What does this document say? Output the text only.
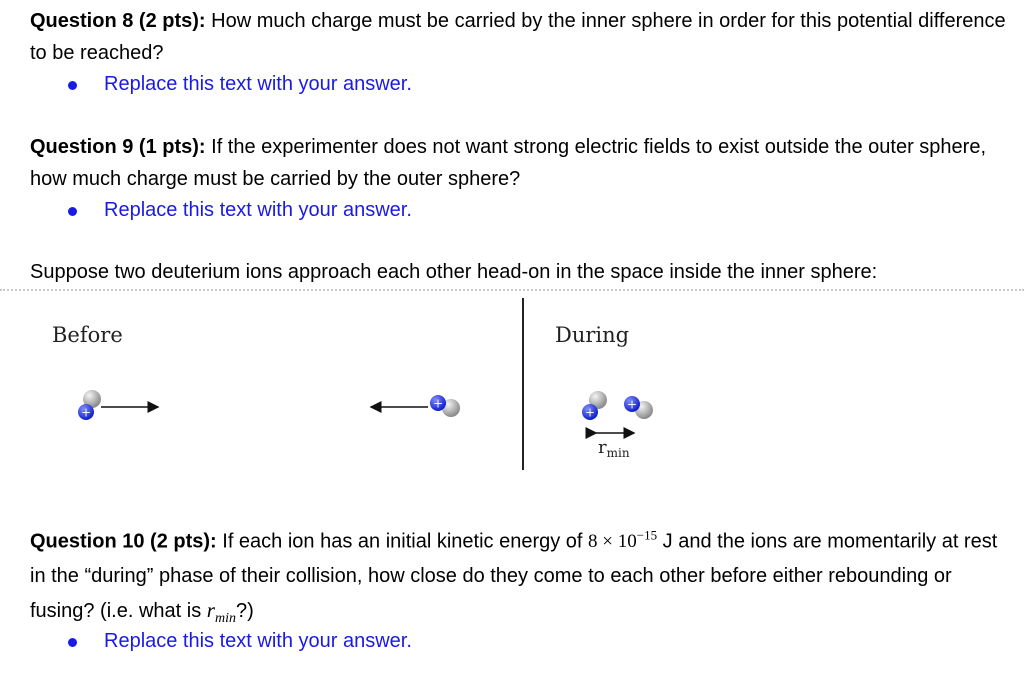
Question 8 (2 pts): How much charge must be carried by the inner sphere in order for this potential difference to be reached?
Replace this text with your answer.
Question 9 (1 pts): If the experimenter does not want strong electric fields to exist outside the outer sphere, how much charge must be carried by the outer sphere?
Replace this text with your answer.
Suppose two deuterium ions approach each other head-on in the space inside the inner sphere:
Before	During
+
+
+
+
$r_{min}$
Question 10 (2 pts): If each ion has an initial kinetic energy of $8 \times 10^{-15}$ J and the ions are momentarily at rest in the “during” phase of their collision, how close do they come to each other before either rebounding or fusing? (i.e. what is $r_{min}$?)
Replace this text with your answer.
